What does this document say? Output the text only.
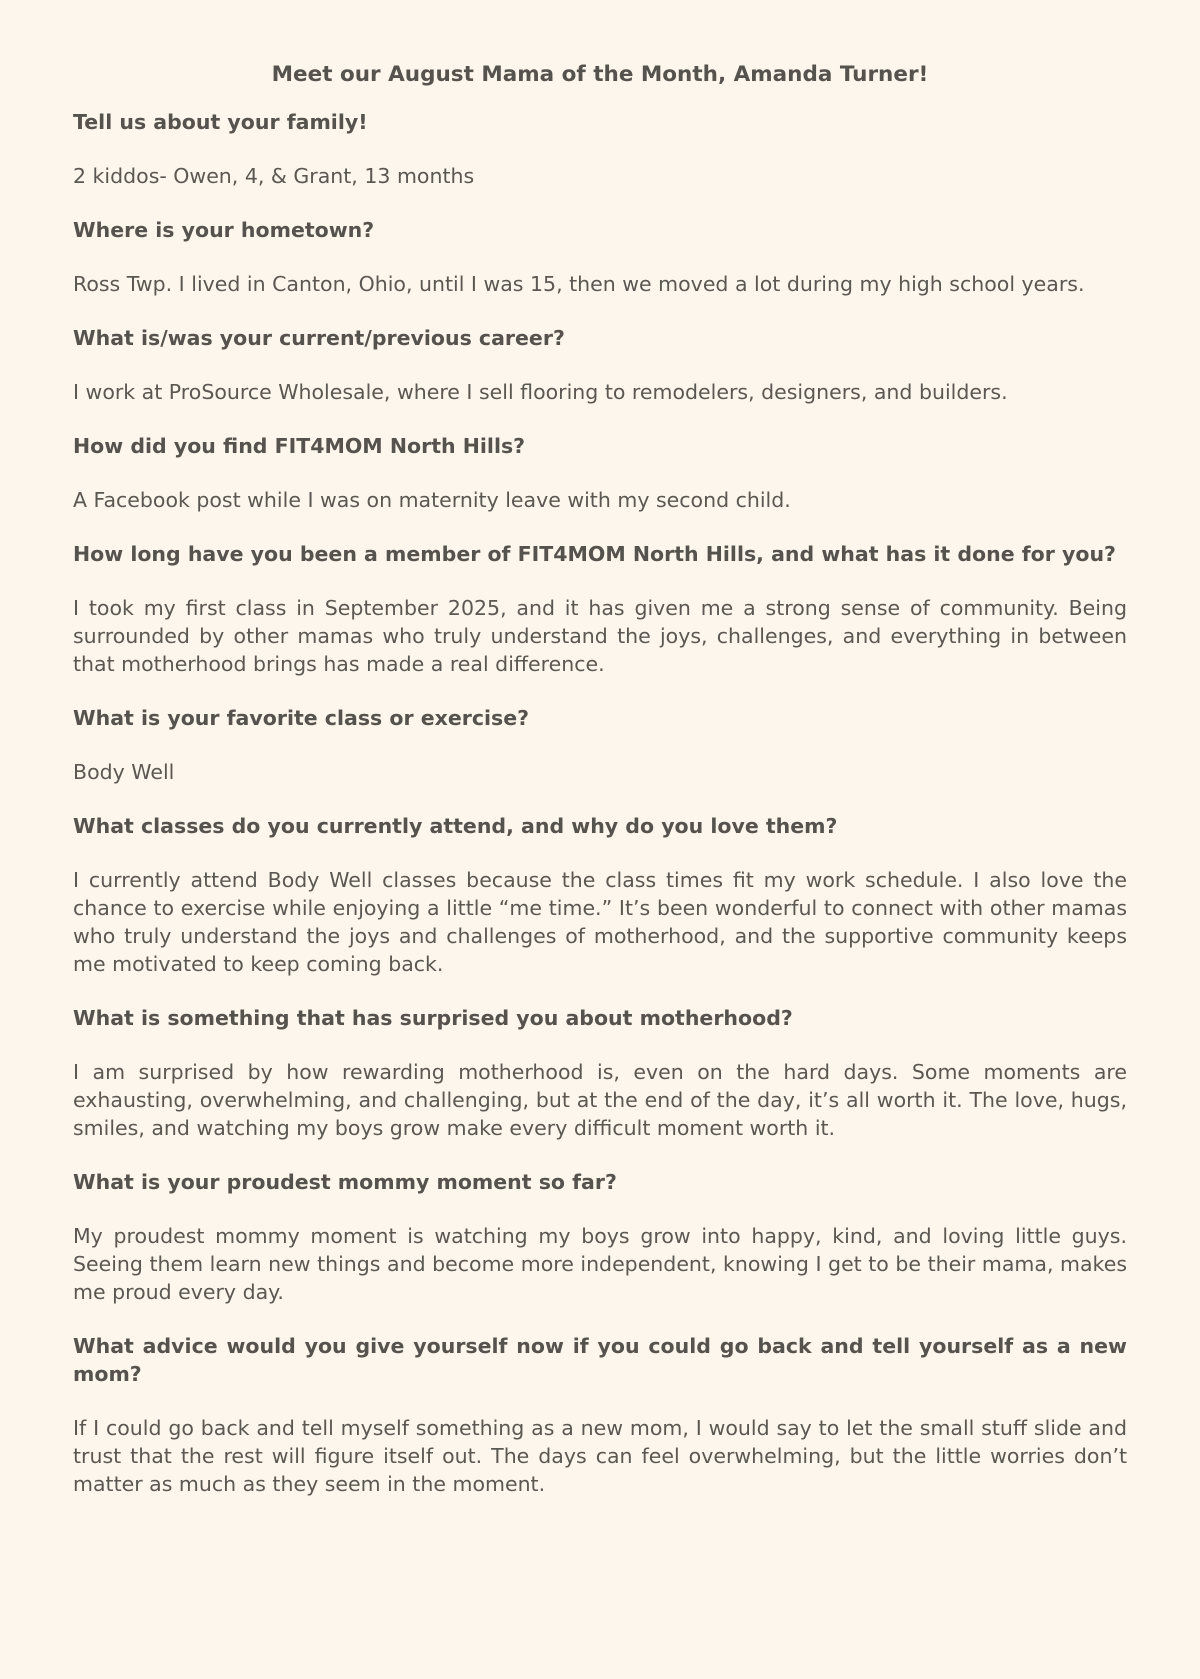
Meet our August Mama of the Month, Amanda Turner!

Tell us about your family!

2 kiddos- Owen, 4, & Grant, 13 months

Where is your hometown?

Ross Twp. I lived in Canton, Ohio, until I was 15, then we moved a lot during my high school years.

What is/was your current/previous career?

I work at ProSource Wholesale, where I sell flooring to remodelers, designers, and builders.

How did you find FIT4MOM North Hills?

A Facebook post while I was on maternity leave with my second child.

How long have you been a member of FIT4MOM North Hills, and what has it done for you?

I took my first class in September 2025, and it has given me a strong sense of community. Being surrounded by other mamas who truly understand the joys, challenges, and everything in between that motherhood brings has made a real difference.

What is your favorite class or exercise?

Body Well

What classes do you currently attend, and why do you love them?

I currently attend Body Well classes because the class times fit my work schedule. I also love the chance to exercise while enjoying a little “me time.” It’s been wonderful to connect with other mamas who truly understand the joys and challenges of motherhood, and the supportive community keeps me motivated to keep coming back.

What is something that has surprised you about motherhood?

I am surprised by how rewarding motherhood is, even on the hard days. Some moments are exhausting, overwhelming, and challenging, but at the end of the day, it’s all worth it. The love, hugs, smiles, and watching my boys grow make every difficult moment worth it.

What is your proudest mommy moment so far?

My proudest mommy moment is watching my boys grow into happy, kind, and loving little guys. Seeing them learn new things and become more independent, knowing I get to be their mama, makes me proud every day.

What advice would you give yourself now if you could go back and tell yourself as a new mom?

If I could go back and tell myself something as a new mom, I would say to let the small stuff slide and trust that the rest will figure itself out. The days can feel overwhelming, but the little worries don’t matter as much as they seem in the moment.
